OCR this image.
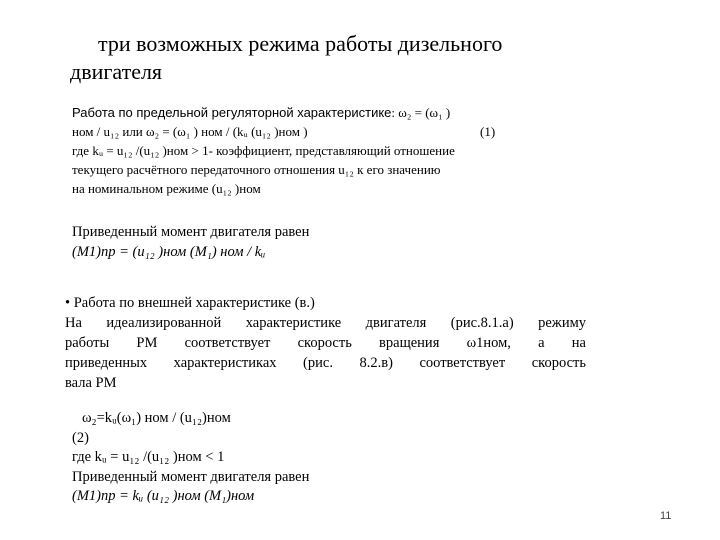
три возможных режима работы дизельного
двигателя
Работа по предельной регуляторной характеристике: ω₂ = (ω₁ )
ном / u₁₂ или ω₂ = (ω₁ ) ном / (kᵤ (u₁₂ )ном )	(1)
где kᵤ = u₁₂ /(u₁₂ )ном > 1- коэффициент, представляющий отношение
текущего расчётного передаточного отношения u₁₂ к его значению
на номинальном режиме (u₁₂ )ном
Приведенный момент двигателя равен
(M1)пр = (u₁₂ )ном (M₁) ном / kᵤ
• Работа по внешней характеристике (в.)
На идеализированной характеристике двигателя (рис.8.1.а) режиму
работы РМ соответствует скорость вращения ω1ном, а на
приведенных характеристиках (рис. 8.2.в) соответствует скорость
вала РМ
ω₂=kᵤ(ω₁) ном / (u₁₂)ном
(2)
где kᵤ = u₁₂ /(u₁₂ )ном < 1
Приведенный момент двигателя равен
(M1)пр = kᵤ (u₁₂ )ном (M₁)ном
11
